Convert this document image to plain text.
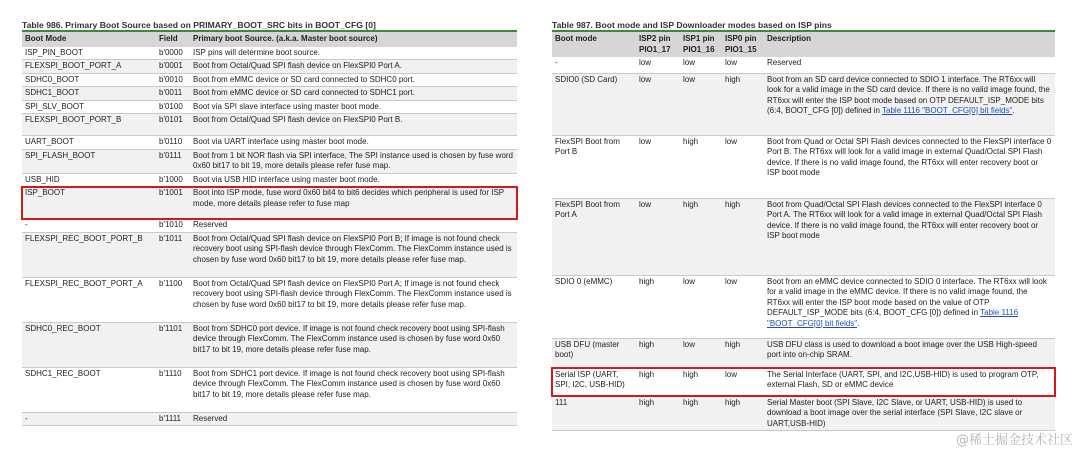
Table 986. Primary Boot Source based on PRIMARY_BOOT_SRC bits in BOOT_CFG [0]
Boot Mode	Field	Primary boot Source. (a.k.a. Master boot source)
ISP_PIN_BOOT	b'0000	ISP pins will determine boot source.
FLEXSPI_BOOT_PORT_A	b'0001	Boot from Octal/Quad SPI flash device on FlexSPI0 Port A.
SDHC0_BOOT	b'0010	Boot from eMMC device or SD card connected to SDHC0 port.
SDHC1_BOOT	b'0011	Boot from eMMC device or SD card connected to SDHC1 port.
SPI_SLV_BOOT	b'0100	Boot via SPI slave interface using master boot mode.
FLEXSPI_BOOT_PORT_B	b'0101	Boot from Octal/Quad SPI flash device on FlexSPI0 Port B.
UART_BOOT	b'0110	Boot via UART interface using master boot mode.
SPI_FLASH_BOOT	b'0111	Boot from 1 bit NOR flash via SPI interface, The SPI instance used is chosen by fuse word 0x60 bit17 to bit 19, more details please refer fuse map.
USB_HID	b'1000	Boot via USB HID interface using master boot mode.
ISP_BOOT	b'1001	Boot into ISP mode, fuse word 0x60 bit4 to bit6 decides which peripheral is used for ISP mode, more details please refer to fuse map
-	b'1010	Reserved
FLEXSPI_REC_BOOT_PORT_B	b'1011	Boot from Octal/Quad SPI flash device on FlexSPI0 Port B; If image is not found check recovery boot using SPI-flash device through FlexComm. The FlexComm instance used is chosen by fuse word 0x60 bit17 to bit 19, more details please refer fuse map.
FLEXSPI_REC_BOOT_PORT_A	b'1100	Boot from Octal/Quad SPI flash device on FlexSPI0 Port A; If image is not found check recovery boot using SPI-flash device through FlexComm. The FlexComm instance used is chosen by fuse word 0x60 bit17 to bit 19, more details please refer fuse map.
SDHC0_REC_BOOT	b'1101	Boot from SDHC0 port device. If image is not found check recovery boot using SPI-flash device through FlexComm. The FlexComm instance used is chosen by fuse word 0x60 bit17 to bit 19, more details please refer fuse map.
SDHC1_REC_BOOT	b'1110	Boot from SDHC1 port device. If image is not found check recovery boot using SPI-flash device through FlexComm. The FlexComm instance used is chosen by fuse word 0x60 bit17 to bit 19, more details please refer fuse map.
-	b'1111	Reserved
Table 987. Boot mode and ISP Downloader modes based on ISP pins
Boot mode	ISP2 pin PIO1_17	ISP1 pin PIO1_16	ISP0 pin PIO1_15	Description
-	low	low	low	Reserved
SDIO0 (SD Card)	low	low	high	Boot from an SD card device connected to SDIO 1 interface. The RT6xx will look for a valid image in the SD card device. If there is no valid image found, the RT6xx will enter the ISP boot mode based on OTP DEFAULT_ISP_MODE bits (6:4, BOOT_CFG [0]) defined in Table 1116 "BOOT_CFG[0] bit fields".
FlexSPI Boot from Port B	low	high	low	Boot from Quad or Octal SPI Flash devices connected to the FlexSPI interface 0 Port B. The RT6xx will look for a valid image in external Quad/Octal SPI Flash device. If there is no valid image found, the RT6xx will enter recovery boot or ISP boot mode
FlexSPI Boot from Port A	low	high	high	Boot from Quad/Octal SPI Flash devices connected to the FlexSPI interface 0 Port A. The RT6xx will look for a valid image in external Quad/Octal SPI Flash device. If there is no valid image found, the RT6xx will enter recovery boot or ISP boot mode
SDIO 0 (eMMC)	high	low	low	Boot from an eMMC device connected to SDIO 0 interface. The RT6xx will look for a valid image in the eMMC device. If there is no valid image found, the RT6xx will enter the ISP boot mode based on the value of OTP DEFAULT_ISP_MODE bits (6:4, BOOT_CFG [0]) defined in Table 1116 "BOOT_CFG[0] bit fields".
USB DFU (master boot)	high	low	high	USB DFU class is used to download a boot image over the USB High-speed port into on-chip SRAM.
Serial ISP (UART, SPI, I2C, USB-HID)	high	high	low	The Serial Interface (UART, SPI, and I2C,USB-HID) is used to program OTP, external Flash, SD or eMMC device
111	high	high	high	Serial Master boot (SPI Slave, I2C Slave, or UART, USB-HID) is used to download a boot image over the serial interface (SPI Slave, I2C slave or UART,USB-HID)
@稀土掘金技术社区
